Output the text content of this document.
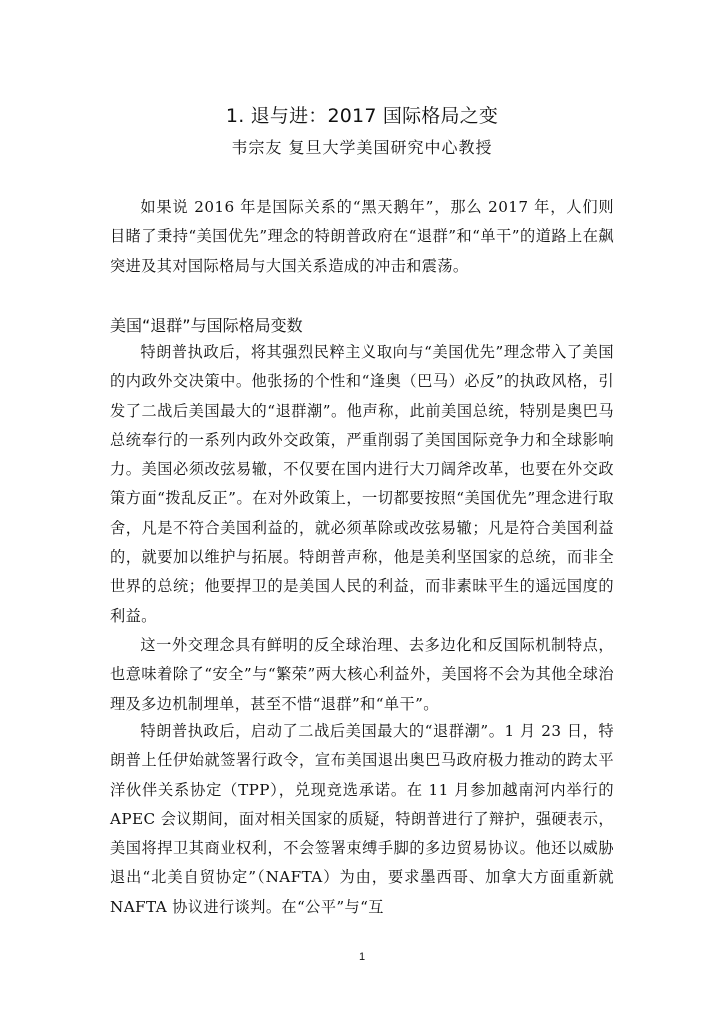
1. 退与进：2017 国际格局之变
韦宗友 复旦大学美国研究中心教授

如果说 2016 年是国际关系的“黑天鹅年”，那么 2017 年，人们则目睹了秉持“美国优先”理念的特朗普政府在“退群”和“单干”的道路上在飙突进及其对国际格局与大国关系造成的冲击和震荡。

美国“退群”与国际格局变数

特朗普执政后，将其强烈民粹主义取向与“美国优先”理念带入了美国的内政外交决策中。他张扬的个性和“逢奥（巴马）必反”的执政风格，引发了二战后美国最大的“退群潮”。他声称，此前美国总统，特别是奥巴马总统奉行的一系列内政外交政策，严重削弱了美国国际竞争力和全球影响力。美国必须改弦易辙，不仅要在国内进行大刀阔斧改革，也要在外交政策方面“拨乱反正”。在对外政策上，一切都要按照“美国优先”理念进行取舍，凡是不符合美国利益的，就必须革除或改弦易辙；凡是符合美国利益的，就要加以维护与拓展。特朗普声称，他是美利坚国家的总统，而非全世界的总统；他要捍卫的是美国人民的利益，而非素昧平生的遥远国度的利益。

这一外交理念具有鲜明的反全球治理、去多边化和反国际机制特点，也意味着除了“安全”与“繁荣”两大核心利益外，美国将不会为其他全球治理及多边机制埋单，甚至不惜“退群”和“单干”。

特朗普执政后，启动了二战后美国最大的“退群潮”。1 月 23 日，特朗普上任伊始就签署行政令，宣布美国退出奥巴马政府极力推动的跨太平洋伙伴关系协定（TPP），兑现竞选承诺。在 11 月参加越南河内举行的 APEC 会议期间，面对相关国家的质疑，特朗普进行了辩护，强硬表示，美国将捍卫其商业权利，不会签署束缚手脚的多边贸易协议。他还以威胁退出“北美自贸协定”（NAFTA）为由，要求墨西哥、加拿大方面重新就 NAFTA 协议进行谈判。在“公平”与“互

1
